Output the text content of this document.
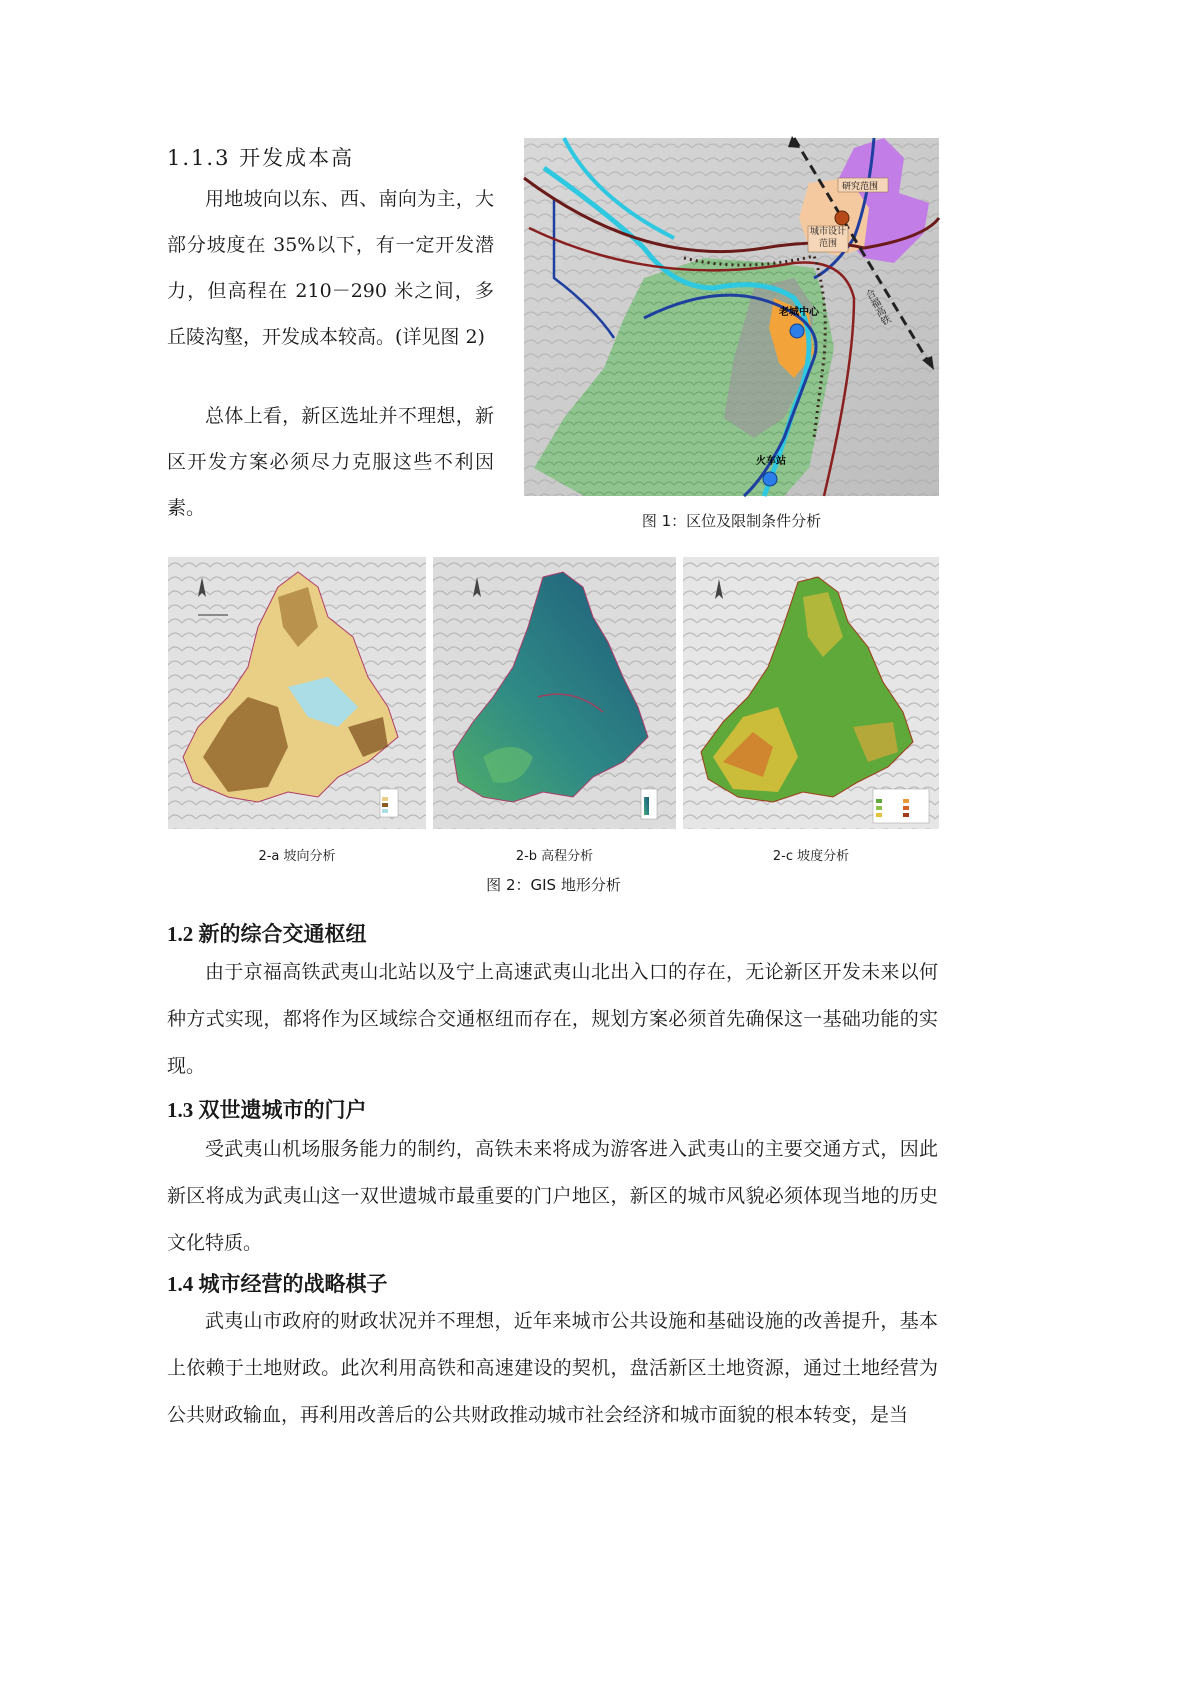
1.1.3 开发成本高
用地坡向以东、西、南向为主，大部分坡度在 35%以下，有一定开发潜力，但高程在 210－290 米之间，多丘陵沟壑，开发成本较高。(详见图 2)
总体上看，新区选址并不理想，新区开发方案必须尽力克服这些不利因素。
研究范围
城市设计范围
合福高铁
老城中心
火车站
图 1：区位及限制条件分析
2-a 坡向分析	2-b 高程分析	2-c 坡度分析
图 2：GIS 地形分析
1.2 新的综合交通枢纽
由于京福高铁武夷山北站以及宁上高速武夷山北出入口的存在，无论新区开发未来以何种方式实现，都将作为区域综合交通枢纽而存在，规划方案必须首先确保这一基础功能的实现。
1.3 双世遗城市的门户
受武夷山机场服务能力的制约，高铁未来将成为游客进入武夷山的主要交通方式，因此新区将成为武夷山这一双世遗城市最重要的门户地区，新区的城市风貌必须体现当地的历史文化特质。
1.4 城市经营的战略棋子
武夷山市政府的财政状况并不理想，近年来城市公共设施和基础设施的改善提升，基本上依赖于土地财政。此次利用高铁和高速建设的契机，盘活新区土地资源，通过土地经营为公共财政输血，再利用改善后的公共财政推动城市社会经济和城市面貌的根本转变，是当
